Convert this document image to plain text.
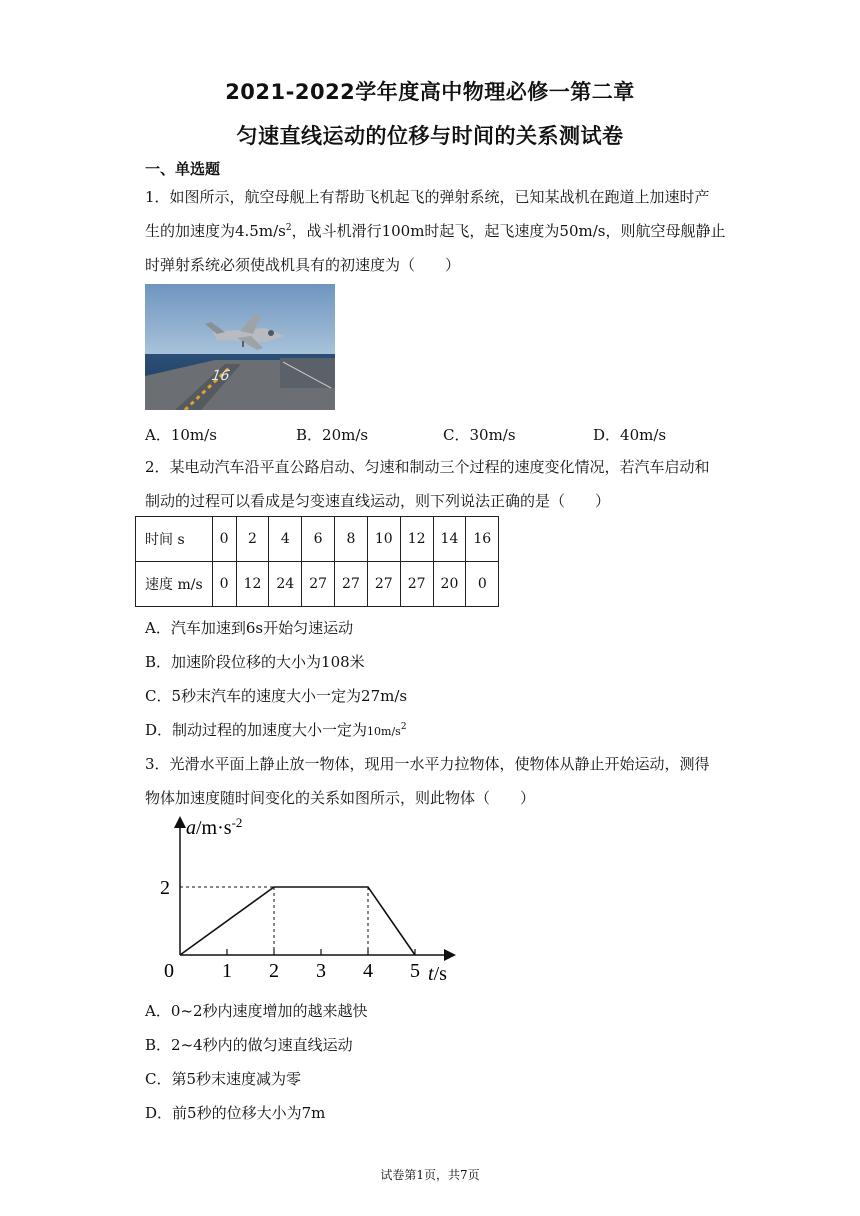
2021-2022学年度高中物理必修一第二章
匀速直线运动的位移与时间的关系测试卷
一、单选题
1．如图所示，航空母舰上有帮助飞机起飞的弹射系统，已知某战机在跑道上加速时产
生的加速度为$4.5m/s^2$，战斗机滑行100m时起飞，起飞速度为50m/s，则航空母舰静止
时弹射系统必须使战机具有的初速度为（　　）
16
A．10m/s	B．20m/s	C．30m/s	D．40m/s
2．某电动汽车沿平直公路启动、匀速和制动三个过程的速度变化情况，若汽车启动和
制动的过程可以看成是匀变速直线运动，则下列说法正确的是（　　）
时间 s	0	2	4	6	8	10	12	14	16
速度 m/s	0	12	24	27	27	27	27	20	0
A．汽车加速到6s开始匀速运动
B．加速阶段位移的大小为108米
C．5秒末汽车的速度大小一定为27m/s
D．制动过程的加速度大小一定为$10m/s^2$
3．光滑水平面上静止放一物体，现用一水平力拉物体，使物体从静止开始运动，测得
物体加速度随时间变化的关系如图所示，则此物体（　　）
0 1 2 3 4 5
2
$a/m\cdot s^{-2}$
t/s
A．0~2秒内速度增加的越来越快
B．2~4秒内的做匀速直线运动
C．第5秒末速度减为零
D．前5秒的位移大小为7m
试卷第1页，共7页
